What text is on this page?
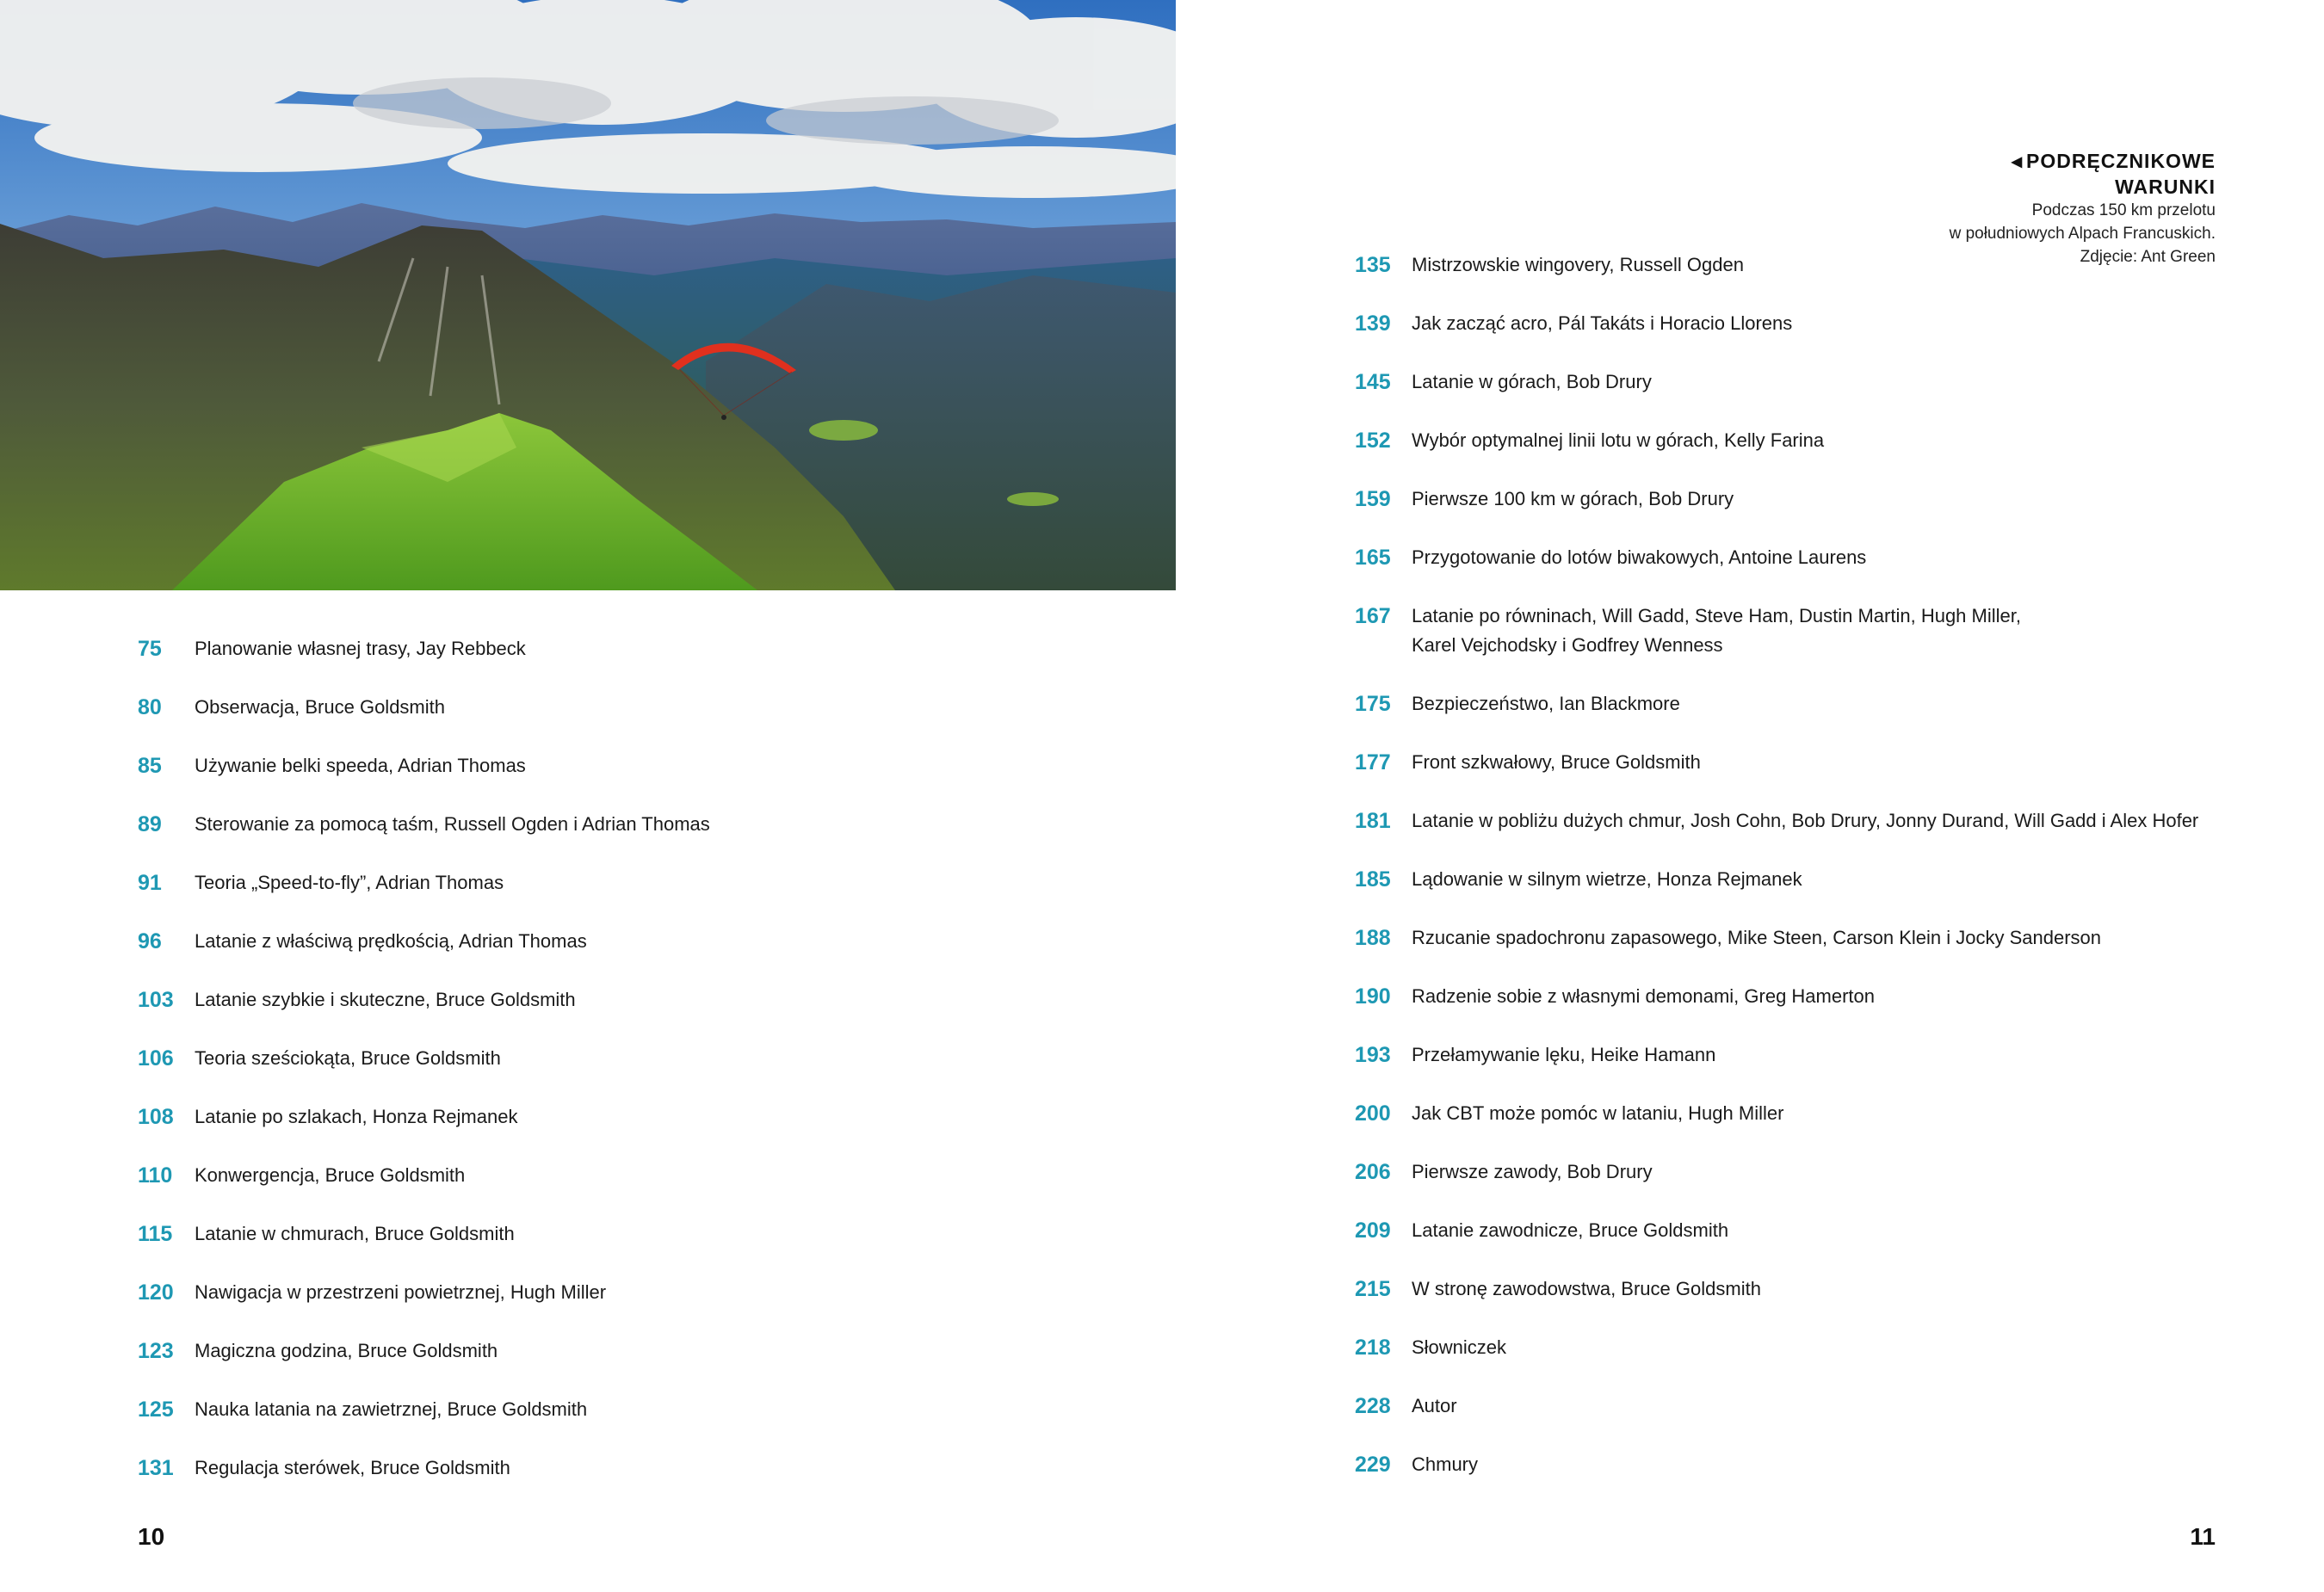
75 Planowanie własnej trasy, Jay Rebbeck
80 Obserwacja, Bruce Goldsmith
85 Używanie belki speeda, Adrian Thomas
89 Sterowanie za pomocą taśm, Russell Ogden i Adrian Thomas
91 Teoria „Speed-to-fly”, Adrian Thomas
96 Latanie z właściwą prędkością, Adrian Thomas
103 Latanie szybkie i skuteczne, Bruce Goldsmith
106 Teoria sześciokąta, Bruce Goldsmith
108 Latanie po szlakach, Honza Rejmanek
110 Konwergencja, Bruce Goldsmith
115 Latanie w chmurach, Bruce Goldsmith
120 Nawigacja w przestrzeni powietrznej, Hugh Miller
123 Magiczna godzina, Bruce Goldsmith
125 Nauka latania na zawietrznej, Bruce Goldsmith
131 Regulacja sterówek, Bruce Goldsmith
135 Mistrzowskie wingovery, Russell Ogden
139 Jak zacząć acro, Pál Takáts i Horacio Llorens
145 Latanie w górach, Bob Drury
152 Wybór optymalnej linii lotu w górach, Kelly Farina
159 Pierwsze 100 km w górach, Bob Drury
165 Przygotowanie do lotów biwakowych, Antoine Laurens
167 Latanie po równinach, Will Gadd, Steve Ham, Dustin Martin, Hugh Miller, Karel Vejchodsky i Godfrey Wenness
175 Bezpieczeństwo, Ian Blackmore
177 Front szkwałowy, Bruce Goldsmith
181 Latanie w pobliżu dużych chmur, Josh Cohn, Bob Drury, Jonny Durand, Will Gadd i Alex Hofer
185 Lądowanie w silnym wietrze, Honza Rejmanek
188 Rzucanie spadochronu zapasowego, Mike Steen, Carson Klein i Jocky Sanderson
190 Radzenie sobie z własnymi demonami, Greg Hamerton
193 Przełamywanie lęku, Heike Hamann
200 Jak CBT może pomóc w lataniu, Hugh Miller
206 Pierwsze zawody, Bob Drury
209 Latanie zawodnicze, Bruce Goldsmith
215 W stronę zawodowstwa, Bruce Goldsmith
218 Słowniczek
228 Autor
229 Chmury
◀ PODRĘCZNIKOWE
WARUNKI
Podczas 150 km przelotu
w południowych Alpach Francuskich.
Zdjęcie: Ant Green
10	11
